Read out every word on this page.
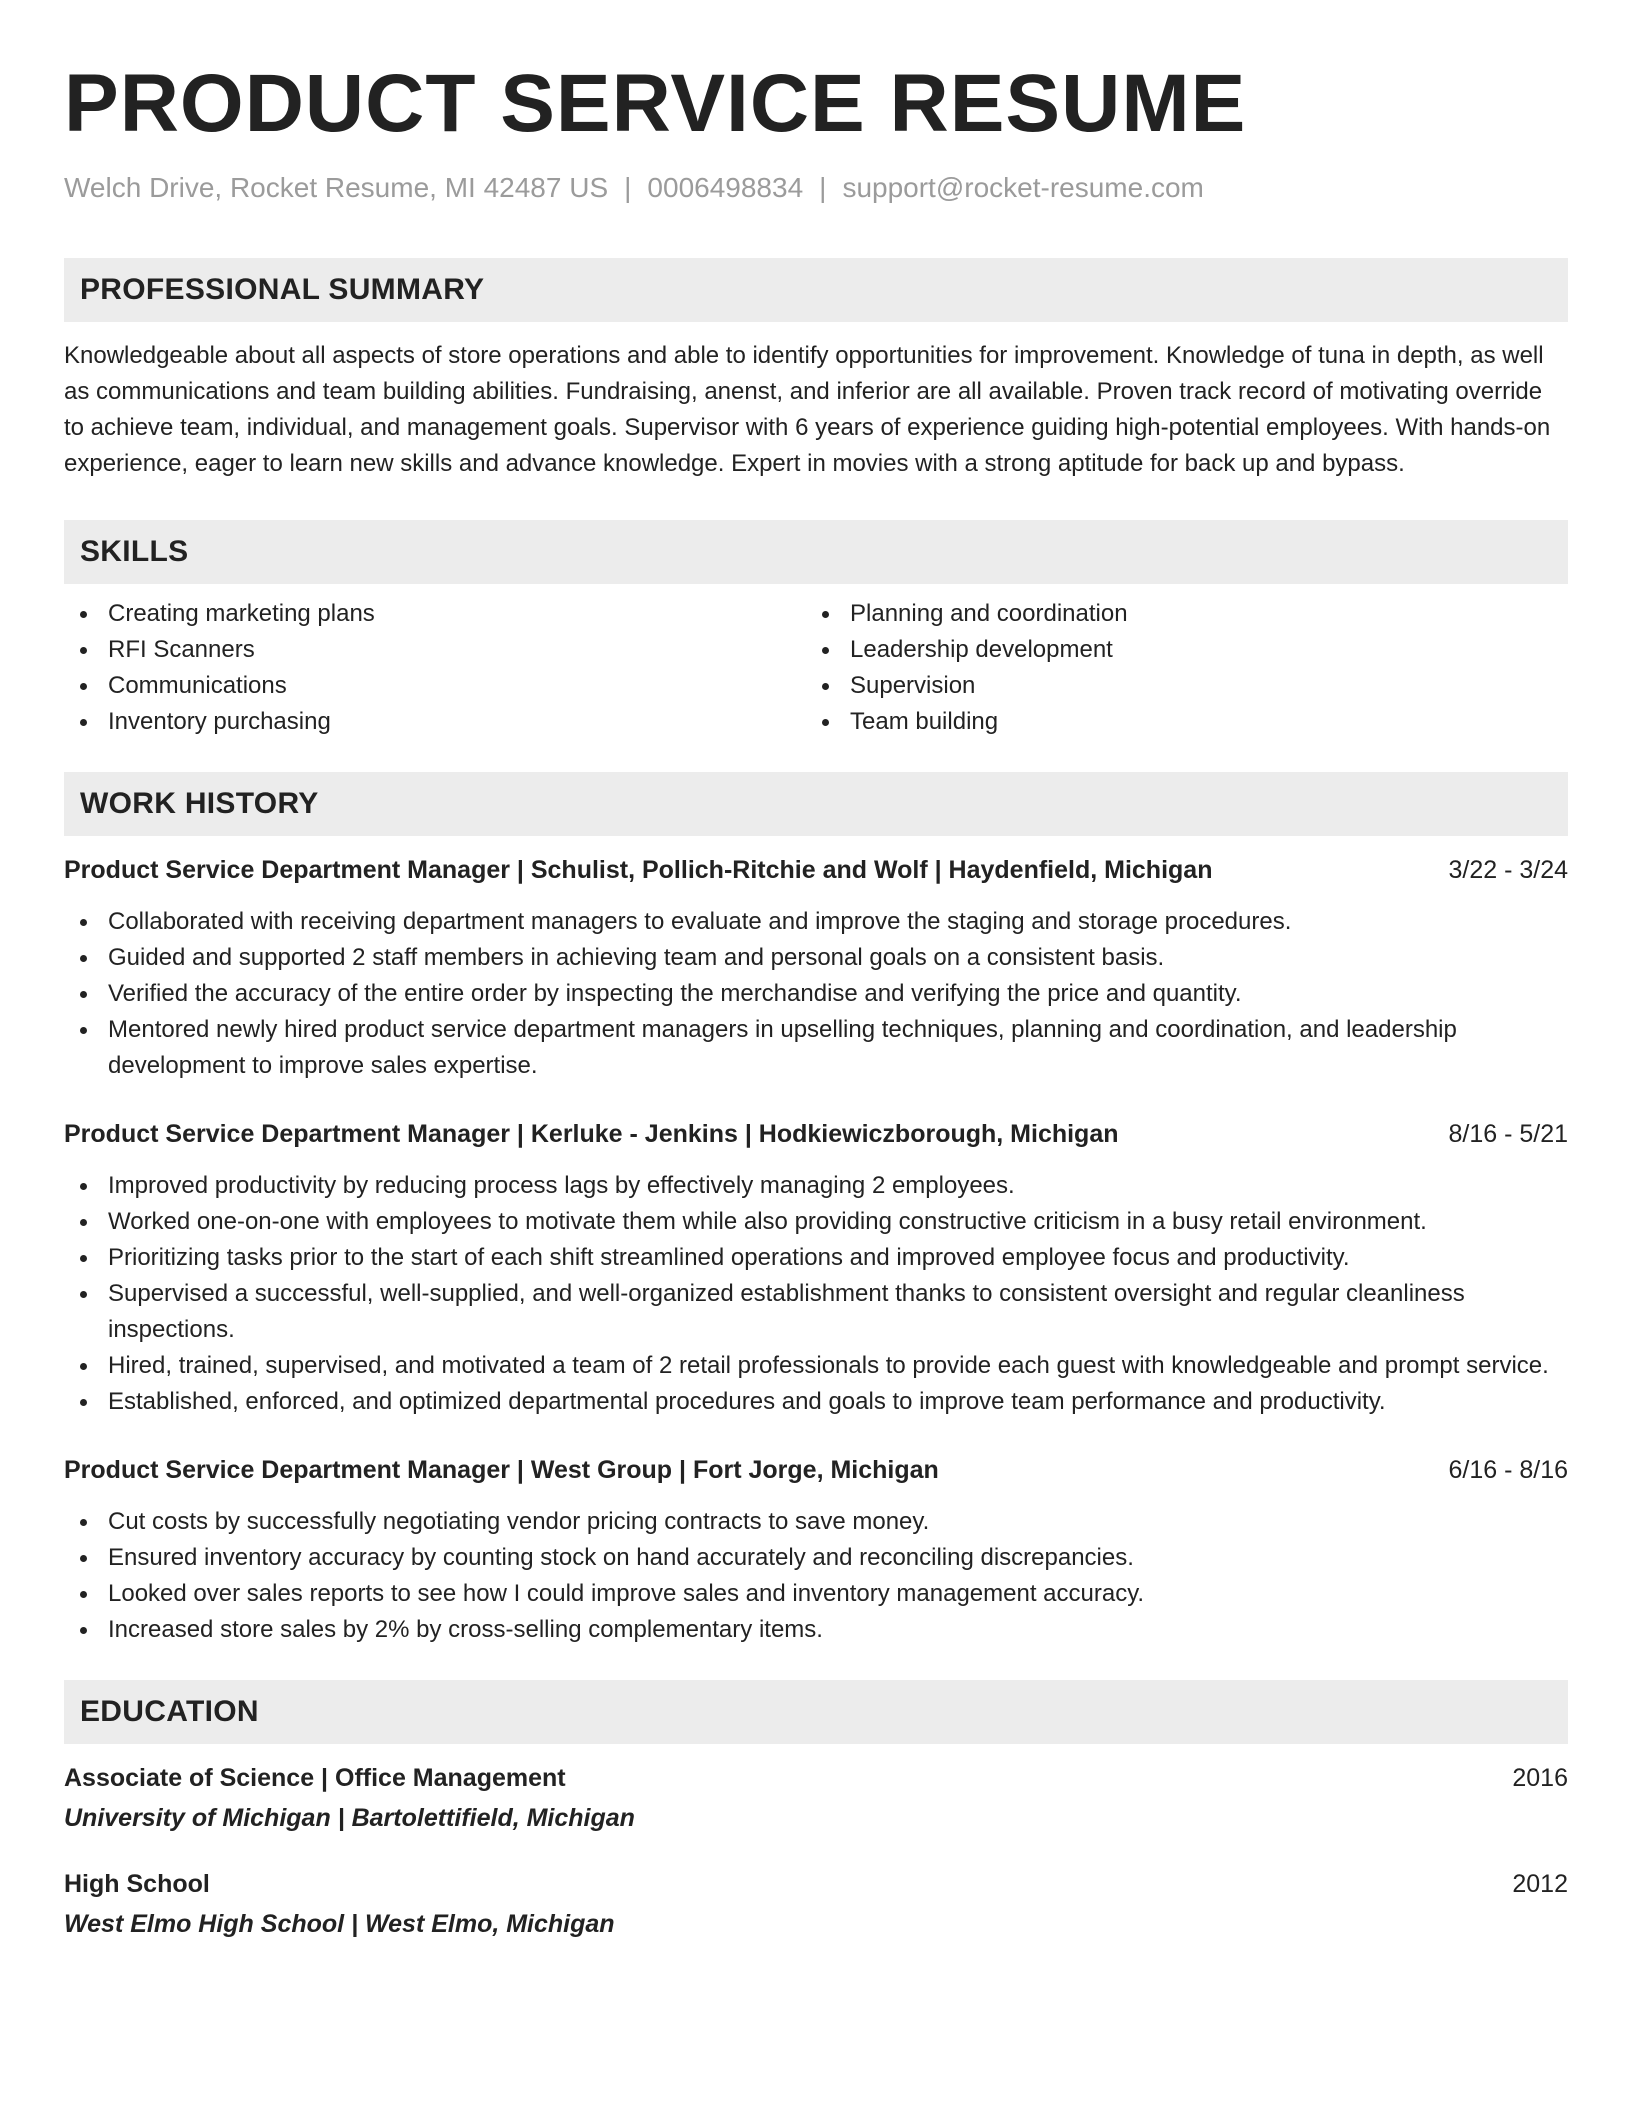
PRODUCT SERVICE RESUME
Welch Drive, Rocket Resume, MI 42487 US | 0006498834 | support@rocket-resume.com
PROFESSIONAL SUMMARY

Knowledgeable about all aspects of store operations and able to identify opportunities for improvement. Knowledge of tuna in depth, as well as communications and team building abilities. Fundraising, anenst, and inferior are all available. Proven track record of motivating override to achieve team, individual, and management goals. Supervisor with 6 years of experience guiding high-potential employees. With hands-on experience, eager to learn new skills and advance knowledge. Expert in movies with a strong aptitude for back up and bypass.

SKILLS
Creating marketing plans
RFI Scanners
Communications
Inventory purchasing
Planning and coordination
Leadership development
Supervision
Team building
WORK HISTORY
Product Service Department Manager | Schulist, Pollich-Ritchie and Wolf | Haydenfield, Michigan	3/22 - 3/24
Collaborated with receiving department managers to evaluate and improve the staging and storage procedures.
Guided and supported 2 staff members in achieving team and personal goals on a consistent basis.
Verified the accuracy of the entire order by inspecting the merchandise and verifying the price and quantity.
Mentored newly hired product service department managers in upselling techniques, planning and coordination, and leadership development to improve sales expertise.
Product Service Department Manager | Kerluke - Jenkins | Hodkiewiczborough, Michigan	8/16 - 5/21
Improved productivity by reducing process lags by effectively managing 2 employees.
Worked one-on-one with employees to motivate them while also providing constructive criticism in a busy retail environment.
Prioritizing tasks prior to the start of each shift streamlined operations and improved employee focus and productivity.
Supervised a successful, well-supplied, and well-organized establishment thanks to consistent oversight and regular cleanliness inspections.
Hired, trained, supervised, and motivated a team of 2 retail professionals to provide each guest with knowledgeable and prompt service.
Established, enforced, and optimized departmental procedures and goals to improve team performance and productivity.
Product Service Department Manager | West Group | Fort Jorge, Michigan	6/16 - 8/16
Cut costs by successfully negotiating vendor pricing contracts to save money.
Ensured inventory accuracy by counting stock on hand accurately and reconciling discrepancies.
Looked over sales reports to see how I could improve sales and inventory management accuracy.
Increased store sales by 2% by cross-selling complementary items.
EDUCATION
Associate of Science | Office Management	2016
University of Michigan | Bartolettifield, Michigan
High School	2012
West Elmo High School | West Elmo, Michigan
